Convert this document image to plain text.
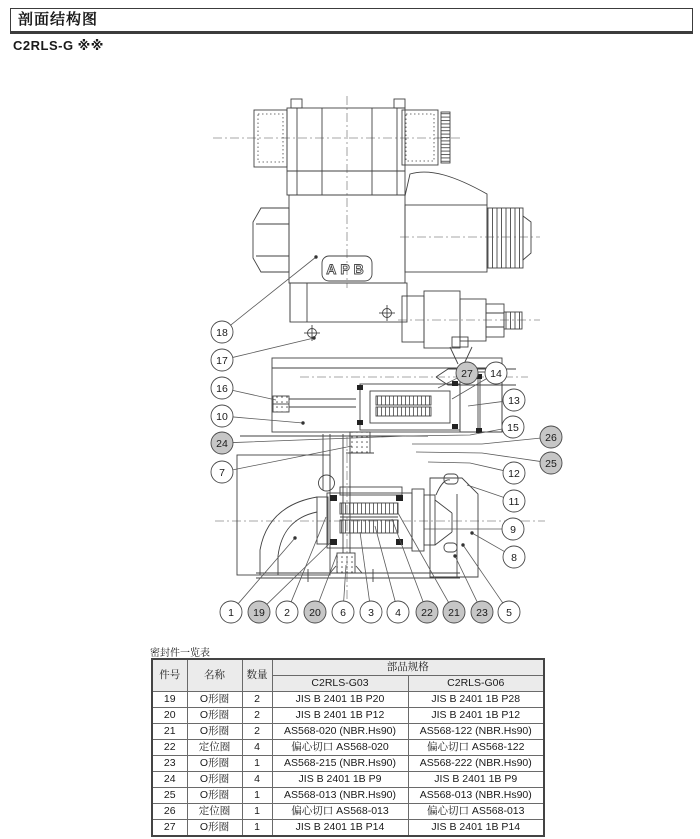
剖面结构图
C2RLS-G ※※
APB
1 19 2 20 6 3 4 22 21 23 5
7
24
10
16
17
18
27 14
13
15
26
25
12
11
9
8
密封件一览表
件号	名称	数量	部品规格	
			C2RLS-G03	C2RLS-G06
19	O形圈	2	JIS B 2401 1B P20	JIS B 2401 1B P28
20	O形圈	2	JIS B 2401 1B P12	JIS B 2401 1B P12
21	O形圈	2	AS568-020 (NBR.Hs90)	AS568-122 (NBR.Hs90)
22	定位圈	4	偏心切口 AS568-020	偏心切口 AS568-122
23	O形圈	1	AS568-215 (NBR.Hs90)	AS568-222 (NBR.Hs90)
24	O形圈	4	JIS B 2401 1B P9	JIS B 2401 1B P9
25	O形圈	1	AS568-013 (NBR.Hs90)	AS568-013 (NBR.Hs90)
26	定位圈	1	偏心切口 AS568-013	偏心切口 AS568-013
27	O形圈	1	JIS B 2401 1B P14	JIS B 2401 1B P14
